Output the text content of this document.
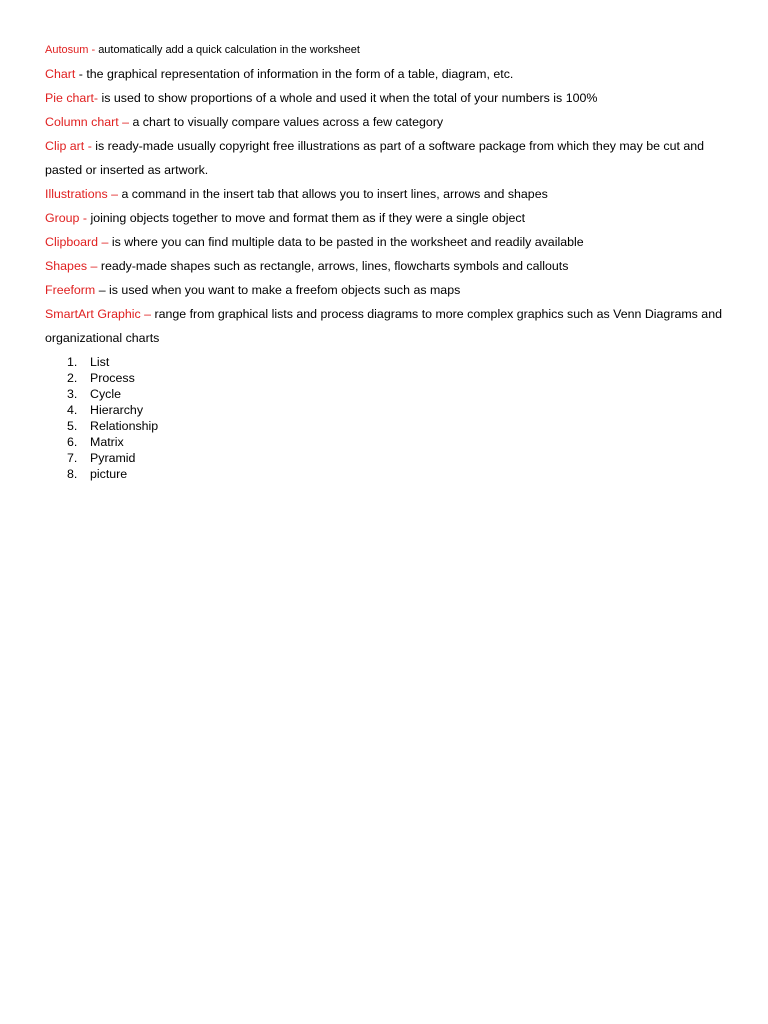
Autosum - automatically add a quick calculation in the worksheet

Chart - the graphical representation of information in the form of a table, diagram, etc.

Pie chart- is used to show proportions of a whole and used it when the total of your numbers is 100%

Column chart – a chart to visually compare values across a few category

Clip art - is ready-made usually copyright free illustrations as part of a software package from which they may be cut and pasted or inserted as artwork.

Illustrations – a command in the insert tab that allows you to insert lines, arrows and shapes

Group - joining objects together to move and format them as if they were a single object

Clipboard – is where you can find multiple data to be pasted in the worksheet and readily available

Shapes – ready-made shapes such as rectangle, arrows, lines, flowcharts symbols and callouts

Freeform – is used when you want to make a freefom objects such as maps

SmartArt Graphic – range from graphical lists and process diagrams to more complex graphics such as Venn Diagrams and organizational charts

1.	List
2.	Process
3.	Cycle
4.	Hierarchy
5.	Relationship
6.	Matrix
7.	Pyramid
8.	picture
